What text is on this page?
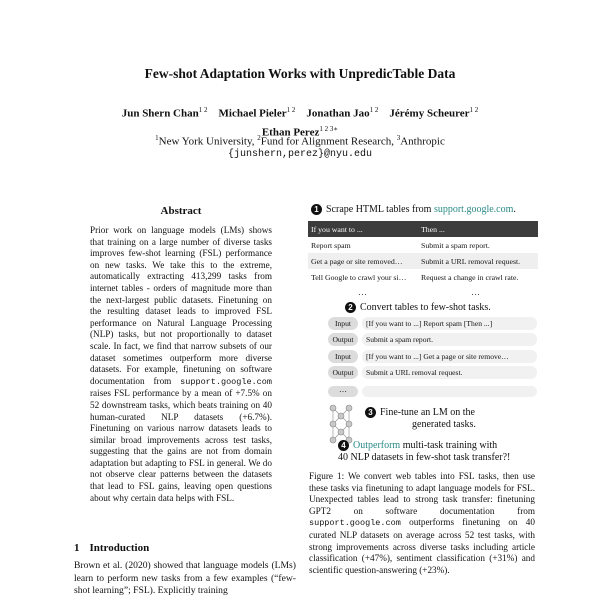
Few-shot Adaptation Works with UnpredicTable Data
Jun Shern Chan$^{1 2}$ Michael Pieler$^{1 2}$ Jonathan Jao$^{1 2}$ Jérémy Scheurer$^{1 2}$
Ethan Perez$^{1 2 3∗}$
$^1$New York University, $^2$Fund for Alignment Research, $^3$Anthropic
{junshern,perez}@nyu.edu
Abstract
Prior work on language models (LMs) shows that training on a large number of diverse tasks improves few-shot learning (FSL) performance on new tasks. We take this to the extreme, automatically extracting 413,299 tasks from internet tables - orders of magnitude more than the next-largest public datasets. Finetuning on the resulting dataset leads to improved FSL performance on Natural Language Processing (NLP) tasks, but not proportionally to dataset scale. In fact, we find that narrow subsets of our dataset sometimes outperform more diverse datasets. For example, finetuning on software documentation from support.google.com raises FSL performance by a mean of +7.5% on 52 downstream tasks, which beats training on 40 human-curated NLP datasets (+6.7%). Finetuning on various narrow datasets leads to similar broad improvements across test tasks, suggesting that the gains are not from domain adaptation but adapting to FSL in general. We do not observe clear patterns between the datasets that lead to FSL gains, leaving open questions about why certain data helps with FSL.
1 Introduction
Brown et al. (2020) showed that language models (LMs) learn to perform new tasks from a few examples (“few-shot learning”; FSL). Explicitly training
1 Scrape HTML tables from support.google.com.
If you want to ...	Then ...
Report spam	Submit a spam report.
Get a page or site removed…	Submit a URL removal request.
Tell Google to crawl your si…	Request a change in crawl rate.
…	…
2 Convert tables to few-shot tasks.
Input	[If you want to ...] Report spam [Then ...]
Output	Submit a spam report.
Input	[If you want to ...] Get a page or site remove…
Output	Submit a URL removal request.
…
3 Fine-tune an LM on the
generated tasks.
4 Outperform multi-task training with
40 NLP datasets in few-shot task transfer?!
Figure 1: We convert web tables into FSL tasks, then use these tasks via finetuning to adapt language models for FSL. Unexpected tables lead to strong task transfer: finetuning GPT2 on software documentation from support.google.com outperforms finetuning on 40 curated NLP datasets on average across 52 test tasks, with strong improvements across diverse tasks including article classification (+47%), sentiment classification (+31%) and scientific question-answering (+23%).
